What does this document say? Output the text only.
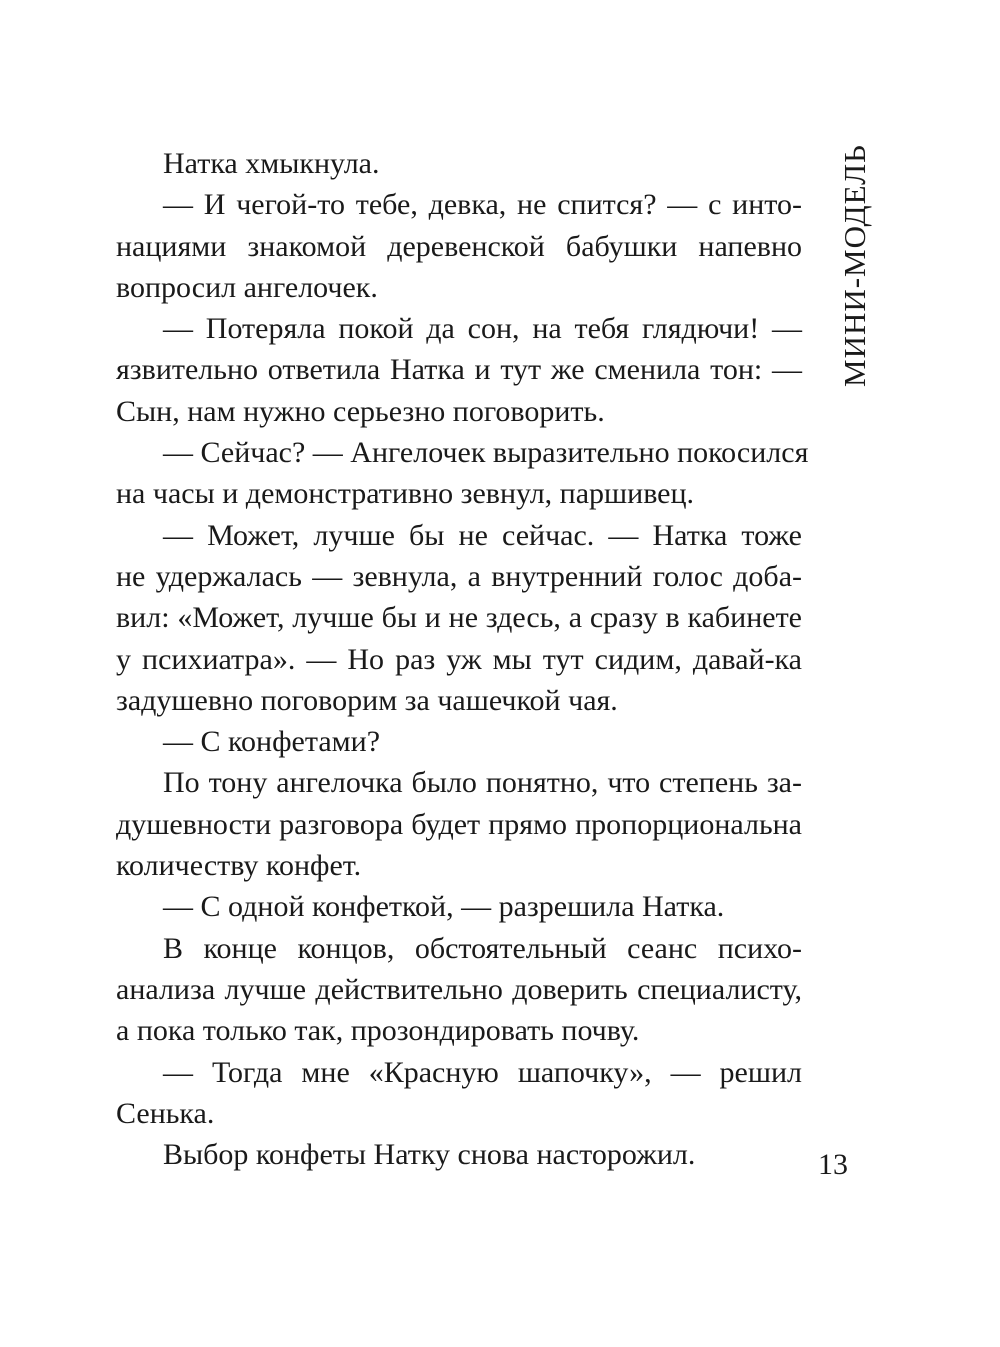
МИНИ-МОДЕЛЬ
Натка хмыкнула.
— И чегой-то тебе, девка, не спится? — с инто-
нациями знакомой деревенской бабушки напевно
вопросил ангелочек.
— Потеряла покой да сон, на тебя глядючи! —
язвительно ответила Натка и тут же сменила тон: —
Сын, нам нужно серьезно поговорить.
— Сейчас? — Ангелочек выразительно покосился
на часы и демонстративно зевнул, паршивец.
— Может, лучше бы не сейчас. — Натка тоже
не удержалась — зевнула, а внутренний голос доба-
вил: «Может, лучше бы и не здесь, а сразу в кабинете
у психиатра». — Но раз уж мы тут сидим, давай-ка
задушевно поговорим за чашечкой чая.
— С конфетами?
По тону ангелочка было понятно, что степень за-
душевности разговора будет прямо пропорциональна
количеству конфет.
— С одной конфеткой, — разрешила Натка.
В конце концов, обстоятельный сеанс психо-
анализа лучше действительно доверить специалисту,
а пока только так, прозондировать почву.
— Тогда мне «Красную шапочку», — решил
Сенька.
Выбор конфеты Натку снова насторожил.	13
